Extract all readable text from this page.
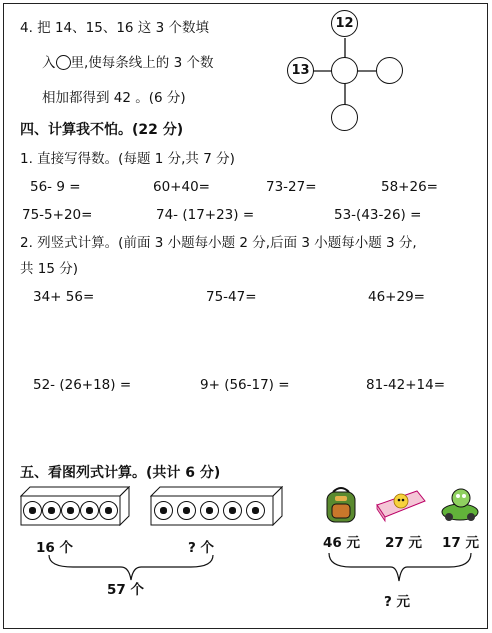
4. 把 14、15、16 这 3 个数填
入 里,使每条线上的 3 个数
相加都得到 42 。(6 分)
12
13
四、计算我不怕。(22 分)
1. 直接写得数。(每题 1 分,共 7 分)
56- 9 =	60+40=	73-27=	58+26=
75-5+20=	74- (17+23) =	53-(43-26) =
2. 列竖式计算。(前面 3 小题每小题 2 分,后面 3 小题每小题 3 分,
共 15 分)
34+ 56=	75-47=	46+29=
52- (26+18) =	9+ (56-17) =	81-42+14=
五、看图列式计算。(共计 6 分)
16 个	? 个
57 个
46 元 27 元 17 元
? 元
